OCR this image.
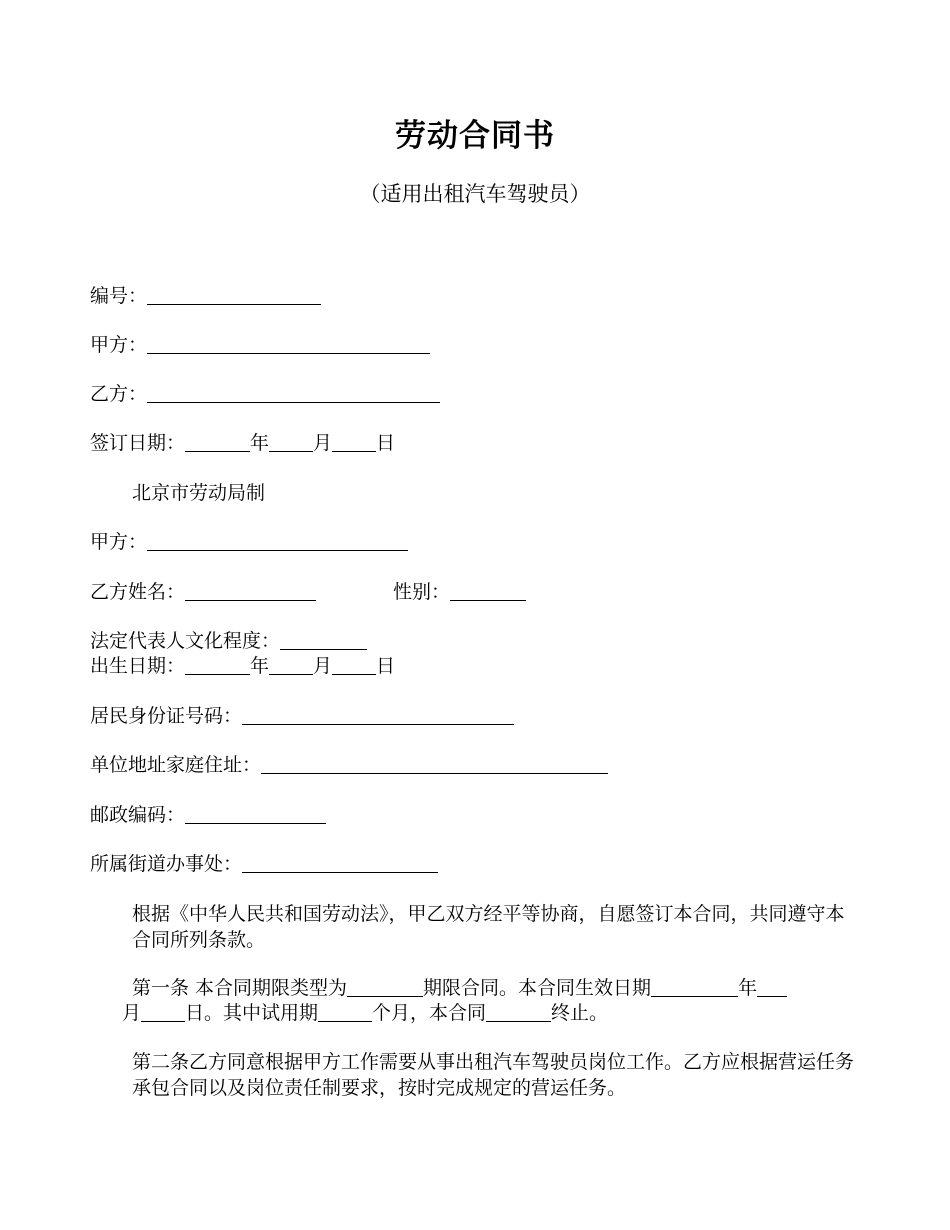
劳动合同书
（适用出租汽车驾驶员）
编号：
甲方：
乙方：
签订日期：	年 月 日
北京市劳动局制
甲方：
乙方姓名：	性别：
法定代表人文化程度：
出生日期：	年 月 日
居民身份证号码：
单位地址家庭住址：
邮政编码：
所属街道办事处：
根据《中华人民共和国劳动法》，甲乙双方经平等协商，自愿签订本合同，共同遵守本合同所列条款。
第一条 本合同期限类型为	期限合同。本合同生效日期	年
月 日。其中试用期	个月，本合同	终止。
第二条乙方同意根据甲方工作需要从事出租汽车驾驶员岗位工作。乙方应根据营运任务承包合同以及岗位责任制要求，按时完成规定的营运任务。
